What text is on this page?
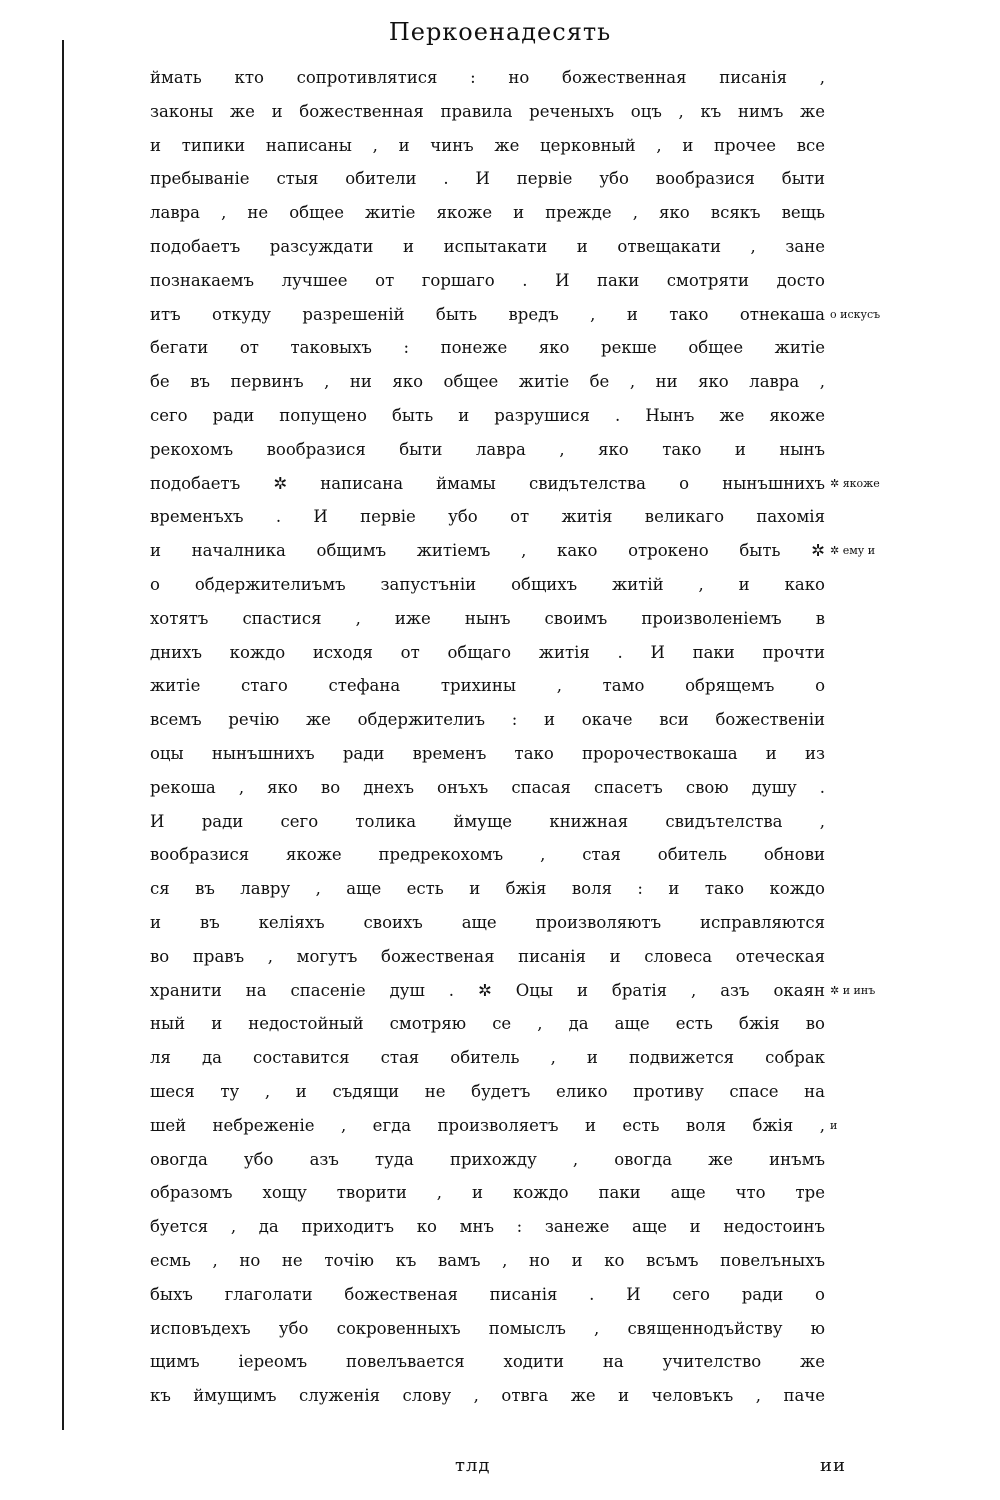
Перкоенадесять
ймать кто сопротивлятися : но божественная писанія ,
законы же и божественная правила реченыхъ оцъ , къ нимъ же
и типики написаны , и чинъ же церковный , и прочее все
пребываніе стыя обители . И первіе убо вообразися быти
лавра , не общее житіе якоже и прежде , яко всякъ вещь
подобаетъ разсуждати и испытакати и отвещакати , зане
познакаемъ лучшее от горшаго . И паки смотряти досто
итъ откуду разрешеній быть вредъ , и тако отнекаша
бегати от таковыхъ : понеже яко рекше общее житіе
бе въ первинъ , ни яко общее житіе бе , ни яко лавра ,
сего ради попущено быть и разрушися . Нынъ же якоже
рекохомъ вообразися быти лавра , яко тако и нынъ
подобаетъ ✲ написана ймамы свидътелства о нынъшнихъ
временъхъ . И первіе убо от житія великаго пахомія
и началника общимъ житіемъ , како отрокено быть ✲
о обдержителиъмъ запустъніи общихъ житій , и како
хотятъ спастися , иже нынъ своимъ произволеніемъ в
днихъ кождо исходя от общаго житія . И паки прочти
житіе стаго стефана трихины , тамо обрящемъ о
всемъ речію же обдержителиъ : и окаче вси божественіи
оцы нынъшнихъ ради временъ тако пророчествокаша и из
рекоша , яко во днехъ онъхъ спасая спасетъ свою душу .
И ради сего толика ймуще книжная свидътелства ,
вообразися якоже предрекохомъ , стая обитель обнови
ся въ лавру , аще есть и бжія воля : и тако кождо
и въ келіяхъ своихъ аще произволяютъ исправляются
во правъ , могутъ божественая писанія и словеса отеческая
хранити на спасеніе душ . ✲ Оцы и братія , азъ окаян
ный и недостойный смотряю се , да аще есть бжія во
ля да составится стая обитель , и подвижется собрак
шеся ту , и съдящи не будетъ елико противу спасе на
шей небреженіе , егда произволяетъ и есть воля бжія ,
овогда убо азъ туда прихожду , овогда же инъмъ
образомъ хощу творити , и кождо паки аще что тре
буется , да приходитъ ко мнъ : занеже аще и недостоинъ
есмь , но не точію къ вамъ , но и ко всъмъ повелъныхъ
быхъ глаголати божественая писанія . И сего ради о
исповъдехъ убо сокровенныхъ помыслъ , священнодъйству ю
щимъ іереомъ повелъвается ходити на учителство же
къ ймущимъ служенія слову , отвга же и человъкъ , паче
о искусъ
✲ якоже
✲ ему и
✲ и инъ
и
тлд	ии
